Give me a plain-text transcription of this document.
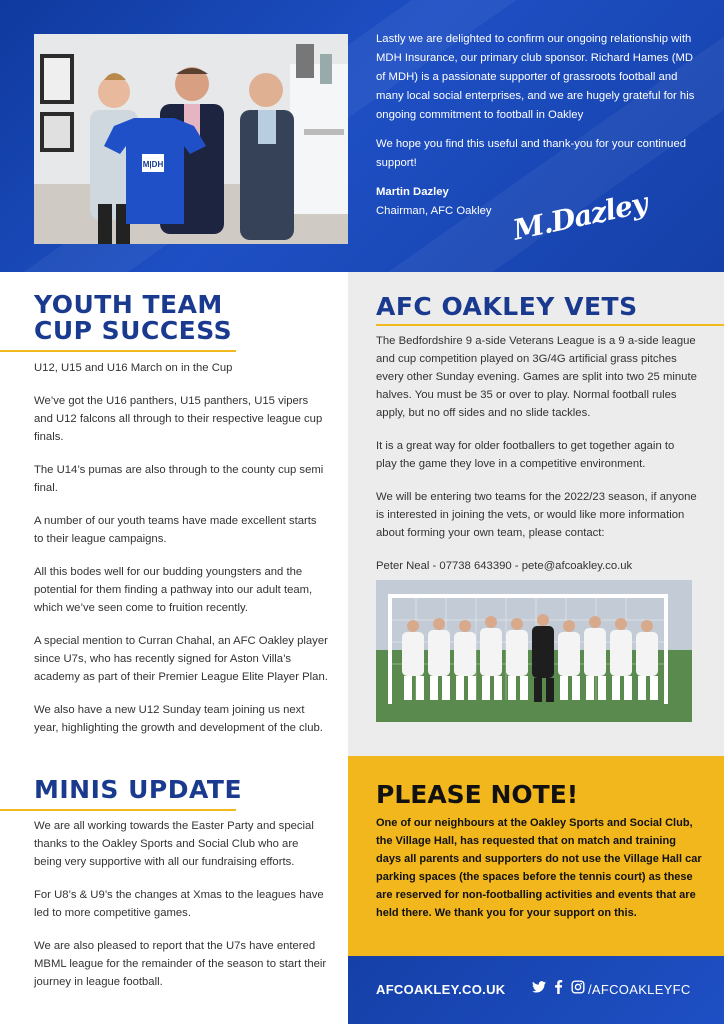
M|DH

Lastly we are delighted to confirm our ongoing relationship with MDH Insurance, our primary club sponsor. Richard Hames (MD of MDH) is a passionate supporter of grassroots football and many local social enterprises, and we are hugely grateful for his ongoing commitment to football in Oakley

We hope you find this useful and thank-you for your continued support!

Martin Dazley
Chairman, AFC Oakley M.Dazley
YOUTH TEAM
CUP SUCCESS

U12, U15 and U16 March on in the Cup

We’ve got the U16 panthers, U15 panthers, U15 vipers and U12 falcons all through to their respective league cup finals.

The U14’s pumas are also through to the county cup semi final.

A number of our youth teams have made excellent starts to their league campaigns.

All this bodes well for our budding youngsters and the potential for them finding a pathway into our adult team, which we’ve seen come to fruition recently.

A special mention to Curran Chahal, an AFC Oakley player since U7s, who has recently signed for Aston Villa’s academy as part of their Premier League Elite Player Plan.

We also have a new U12 Sunday team joining us next year, highlighting the growth and development of the club.

MINIS UPDATE

We are all working towards the Easter Party and special thanks to the Oakley Sports and Social Club who are being very supportive with all our fundraising efforts.

For U8’s & U9’s the changes at Xmas to the leagues have led to more competitive games.

We are also pleased to report that the U7s have entered MBML league for the remainder of the season to start their journey in league football.

AFC OAKLEY VETS

The Bedfordshire 9 a-side Veterans League is a 9 a-side league and cup competition played on 3G/4G artificial grass pitches every other Sunday evening. Games are split into two 25 minute halves. You must be 35 or over to play. Normal football rules apply, but no off sides and no slide tackles.

It is a great way for older footballers to get together again to play the game they love in a competitive environment.

We will be entering two teams for the 2022/23 season, if anyone is interested in joining the vets, or would like more information about forming your own team, please contact:

Peter Neal - 07738 643390 - pete@afcoakley.co.uk

PLEASE NOTE!
One of our neighbours at the Oakley Sports and Social Club, the Village Hall, has requested that on match and training days all parents and supporters do not use the Village Hall car parking spaces (the spaces before the tennis court) as these are reserved for non-footballing activities and events that are held there. We thank you for your support on this.
AFCOAKLEY.CO.UK	/AFCOAKLEYFC
